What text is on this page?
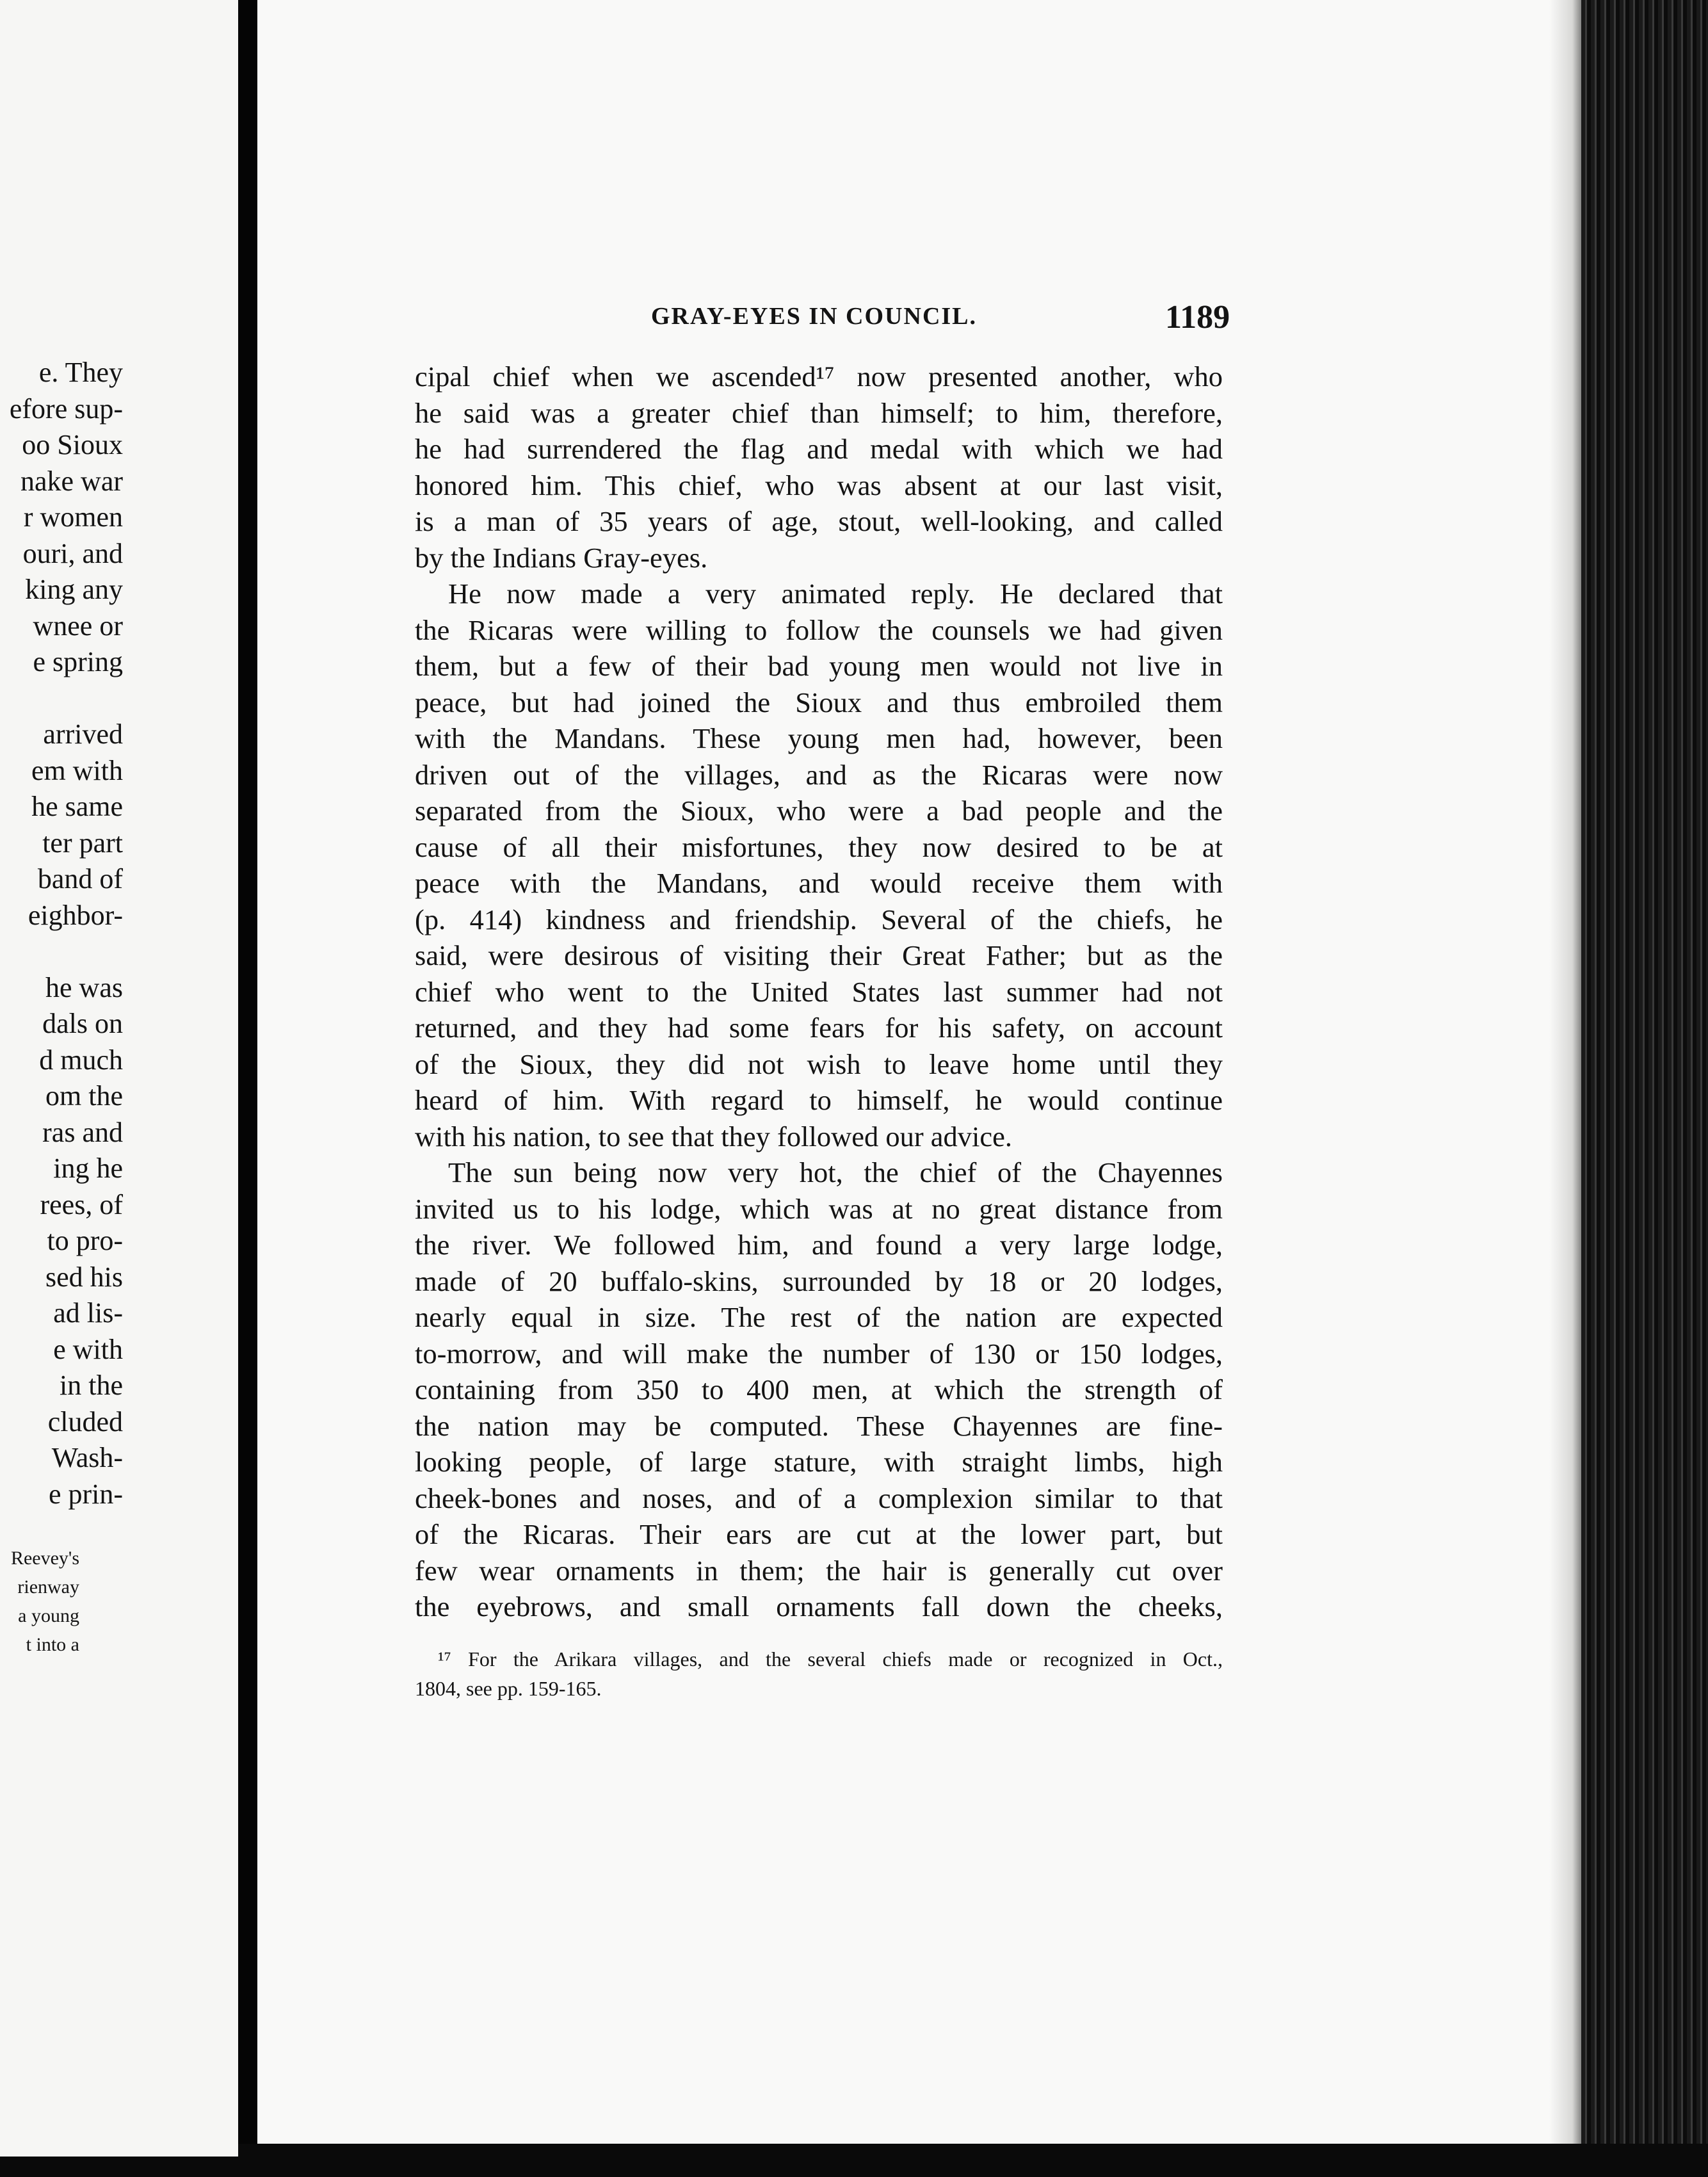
e. They
efore sup-
oo Sioux
nake war
r women
ouri, and
king any
wnee or
e spring
arrived
em with
he same
ter part
band of
eighbor-
he was
dals on
d much
om the
ras and
ing he
rees, of
to pro-
sed his
ad lis-
e with
in the
cluded
Wash-
e prin-
Reevey's
rienway
a young
t into a
GRAY-EYES IN COUNCIL.	1189
cipal chief when we ascended¹⁷ now presented another, who
he said was a greater chief than himself; to him, therefore,
he had surrendered the flag and medal with which we had
honored him. This chief, who was absent at our last visit,
is a man of 35 years of age, stout, well-looking, and called
by the Indians Gray-eyes.
He now made a very animated reply. He declared that
the Ricaras were willing to follow the counsels we had given
them, but a few of their bad young men would not live in
peace, but had joined the Sioux and thus embroiled them
with the Mandans. These young men had, however, been
driven out of the villages, and as the Ricaras were now
separated from the Sioux, who were a bad people and the
cause of all their misfortunes, they now desired to be at
peace with the Mandans, and would receive them with
(p. 414) kindness and friendship. Several of the chiefs, he
said, were desirous of visiting their Great Father; but as the
chief who went to the United States last summer had not
returned, and they had some fears for his safety, on account
of the Sioux, they did not wish to leave home until they
heard of him. With regard to himself, he would continue
with his nation, to see that they followed our advice.
The sun being now very hot, the chief of the Chayennes
invited us to his lodge, which was at no great distance from
the river. We followed him, and found a very large lodge,
made of 20 buffalo-skins, surrounded by 18 or 20 lodges,
nearly equal in size. The rest of the nation are expected
to-morrow, and will make the number of 130 or 150 lodges,
containing from 350 to 400 men, at which the strength of
the nation may be computed. These Chayennes are fine-
looking people, of large stature, with straight limbs, high
cheek-bones and noses, and of a complexion similar to that
of the Ricaras. Their ears are cut at the lower part, but
few wear ornaments in them; the hair is generally cut over
the eyebrows, and small ornaments fall down the cheeks,
¹⁷ For the Arikara villages, and the several chiefs made or recognized in Oct.,
1804, see pp. 159-165.
